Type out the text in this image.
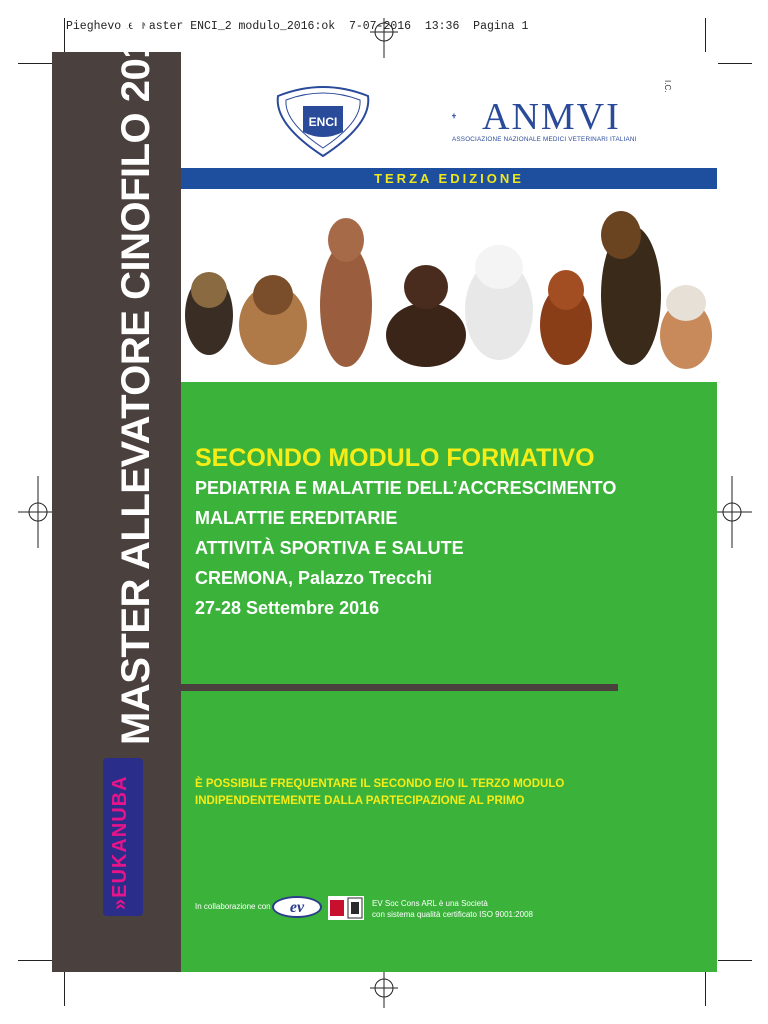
Pieghevole Master ENCI_2 modulo_2016:ok  7-07-2016  13:36  Pagina 1
I.C.
MASTER ALLEVATORE CINOFILO 2016
»EUKANUBA
ENCI	ANMVI
ASSOCIAZIONE NAZIONALE MEDICI VETERINARI ITALIANI
TERZA EDIZIONE
SECONDO MODULO FORMATIVO
PEDIATRIA E MALATTIE DELL’ACCRESCIMENTO
MALATTIE EREDITARIE
ATTIVITÀ SPORTIVA E SALUTE
CREMONA, Palazzo Trecchi
27-28 Settembre 2016
È POSSIBILE FREQUENTARE IL SECONDO E/O IL TERZO MODULO
INDIPENDENTEMENTE DALLA PARTECIPAZIONE AL PRIMO
In collaborazione con	ev	EV Soc Cons ARL è una Società
con sistema qualità certificato ISO 9001:2008
